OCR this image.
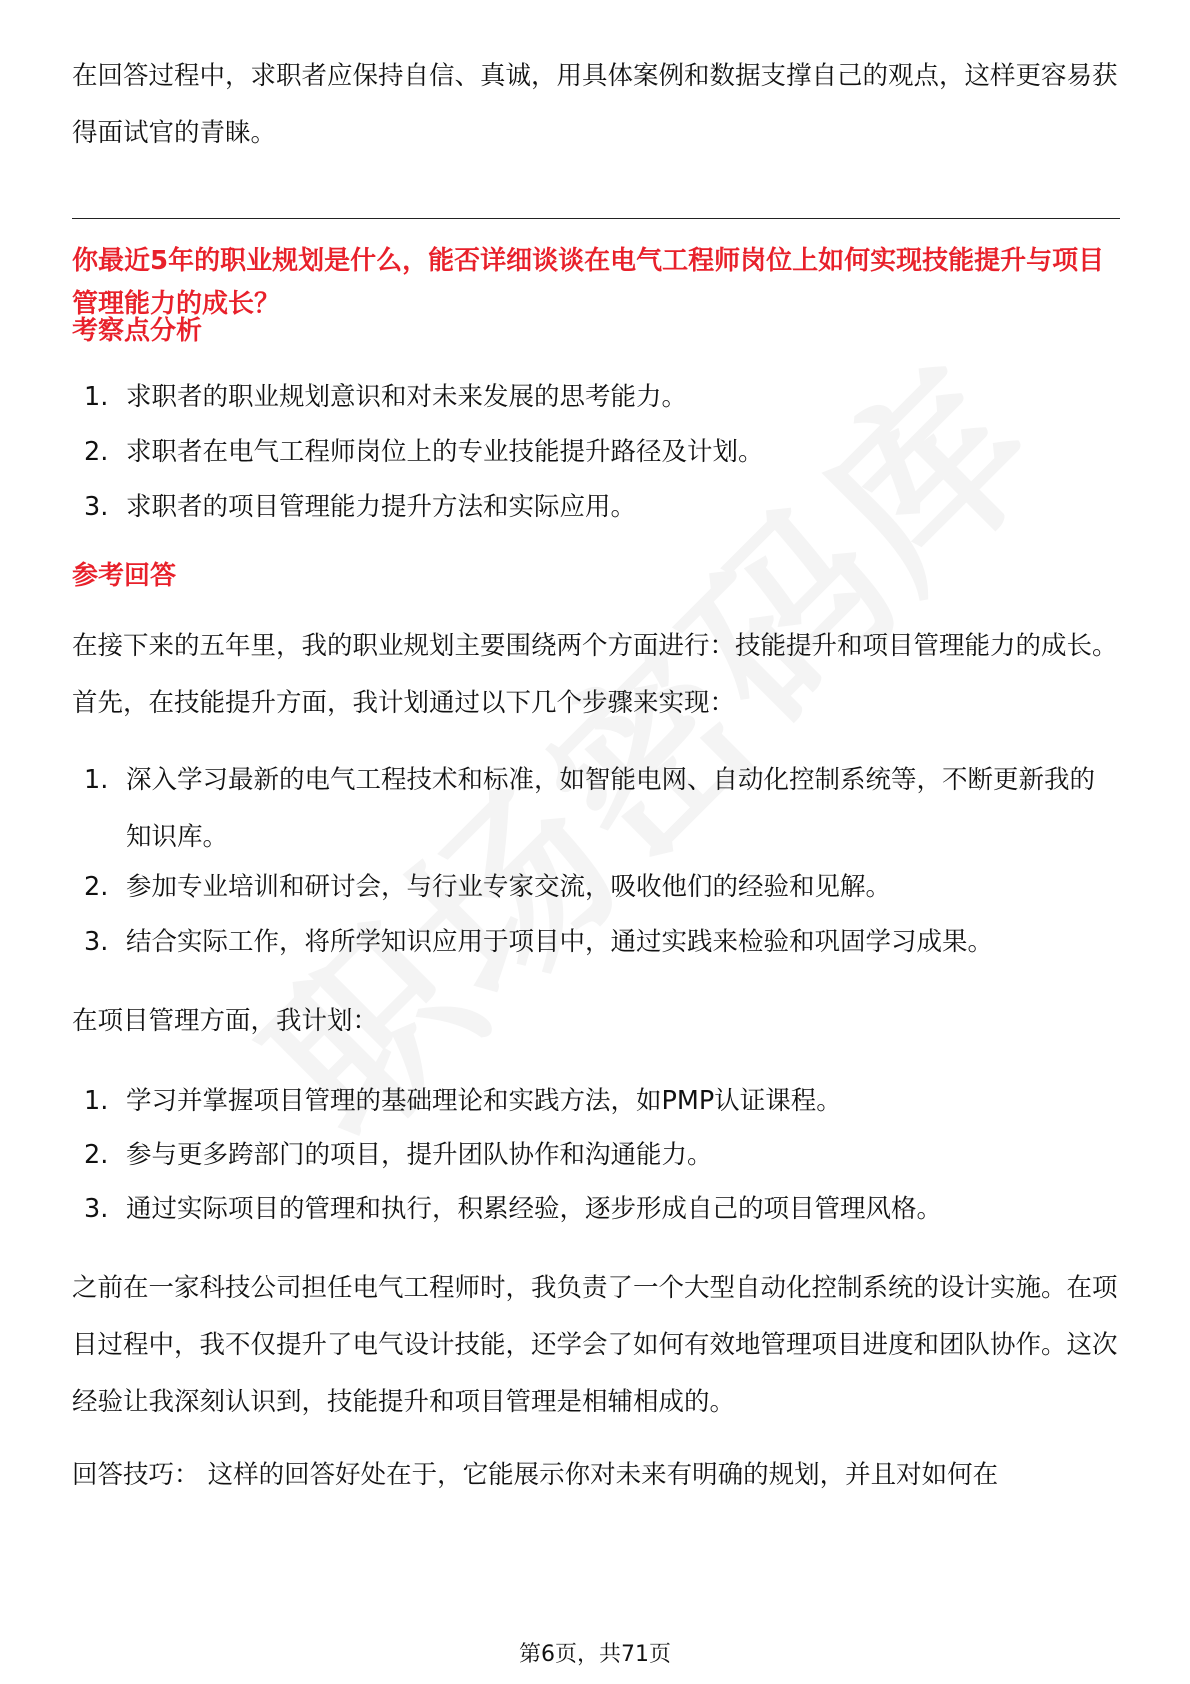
在回答过程中，求职者应保持自信、真诚，用具体案例和数据支撑自己的观点，这样更容易获得面试官的青睐。

你最近5年的职业规划是什么，能否详细谈谈在电气工程师岗位上如何实现技能提升与项目管理能力的成长？
考察点分析
1. 求职者的职业规划意识和对未来发展的思考能力。
2. 求职者在电气工程师岗位上的专业技能提升路径及计划。
3. 求职者的项目管理能力提升方法和实际应用。
参考回答

在接下来的五年里，我的职业规划主要围绕两个方面进行：技能提升和项目管理能力的成长。首先，在技能提升方面，我计划通过以下几个步骤来实现：

1. 深入学习最新的电气工程技术和标准，如智能电网、自动化控制系统等，不断更新我的知识库。
2. 参加专业培训和研讨会，与行业专家交流，吸收他们的经验和见解。
3. 结合实际工作，将所学知识应用于项目中，通过实践来检验和巩固学习成果。

在项目管理方面，我计划：

1. 学习并掌握项目管理的基础理论和实践方法，如PMP认证课程。
2. 参与更多跨部门的项目，提升团队协作和沟通能力。
3. 通过实际项目的管理和执行，积累经验，逐步形成自己的项目管理风格。

之前在一家科技公司担任电气工程师时，我负责了一个大型自动化控制系统的设计实施。在项目过程中，我不仅提升了电气设计技能，还学会了如何有效地管理项目进度和团队协作。这次经验让我深刻认识到，技能提升和项目管理是相辅相成的。

回答技巧： 这样的回答好处在于，它能展示你对未来有明确的规划，并且对如何在

第6页，共71页
